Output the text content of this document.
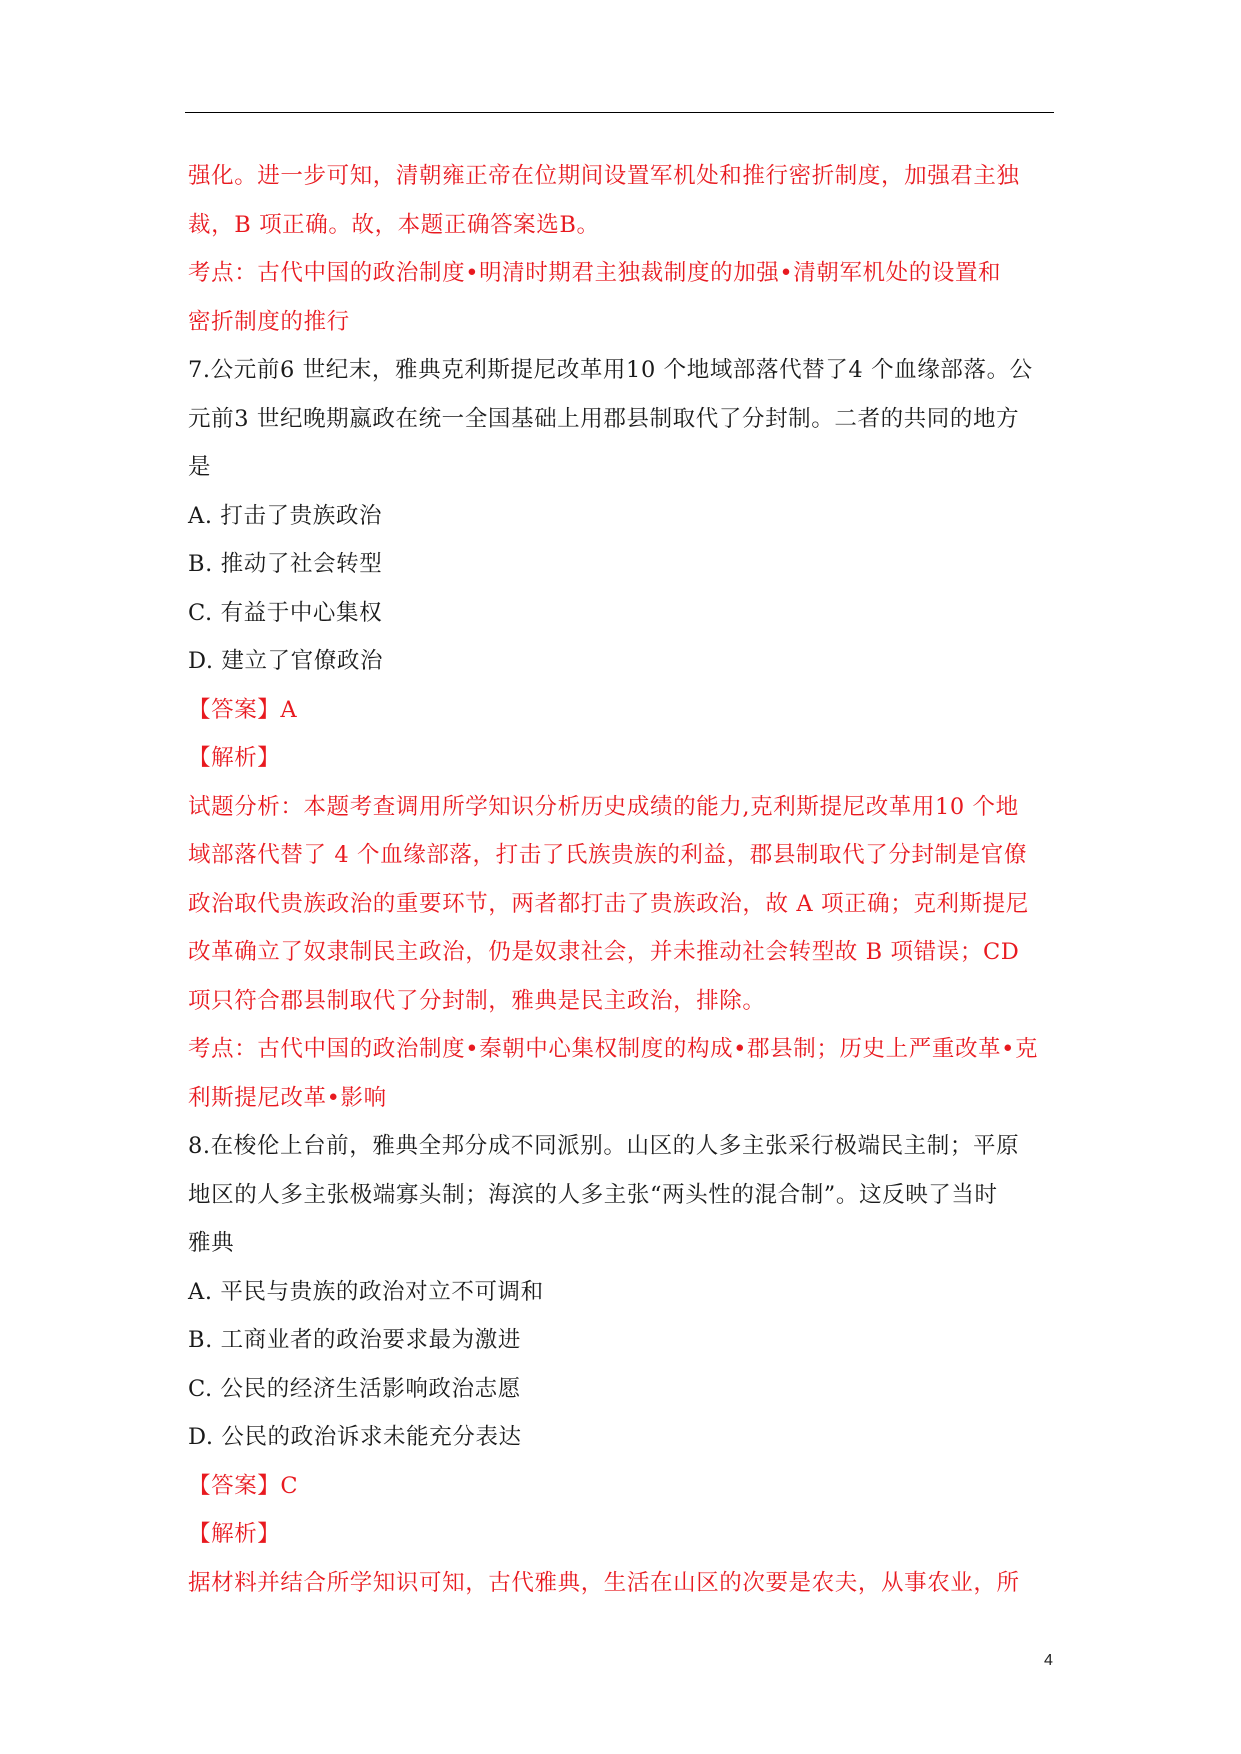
强化。进一步可知，清朝雍正帝在位期间设置军机处和推行密折制度，加强君主独
裁，B 项正确。故，本题正确答案选B。
考点：古代中国的政治制度•明清时期君主独裁制度的加强•清朝军机处的设置和
密折制度的推行
7.公元前6 世纪末，雅典克利斯提尼改革用10 个地域部落代替了4 个血缘部落。公
元前3 世纪晚期嬴政在统一全国基础上用郡县制取代了分封制。二者的共同的地方
是
A. 打击了贵族政治
B. 推动了社会转型
C. 有益于中心集权
D. 建立了官僚政治
【答案】A
【解析】
试题分析：本题考查调用所学知识分析历史成绩的能力,克利斯提尼改革用10 个地
域部落代替了 4 个血缘部落，打击了氏族贵族的利益，郡县制取代了分封制是官僚
政治取代贵族政治的重要环节，两者都打击了贵族政治，故 A 项正确；克利斯提尼
改革确立了奴隶制民主政治，仍是奴隶社会，并未推动社会转型故 B 项错误；CD
项只符合郡县制取代了分封制，雅典是民主政治，排除。
考点：古代中国的政治制度•秦朝中心集权制度的构成•郡县制；历史上严重改革•克
利斯提尼改革•影响
8.在梭伦上台前，雅典全邦分成不同派别。山区的人多主张采行极端民主制；平原
地区的人多主张极端寡头制；海滨的人多主张“两头性的混合制”。这反映了当时
雅典
A. 平民与贵族的政治对立不可调和
B. 工商业者的政治要求最为激进
C. 公民的经济生活影响政治志愿
D. 公民的政治诉求未能充分表达
【答案】C
【解析】
据材料并结合所学知识可知，古代雅典，生活在山区的次要是农夫，从事农业，所
4
